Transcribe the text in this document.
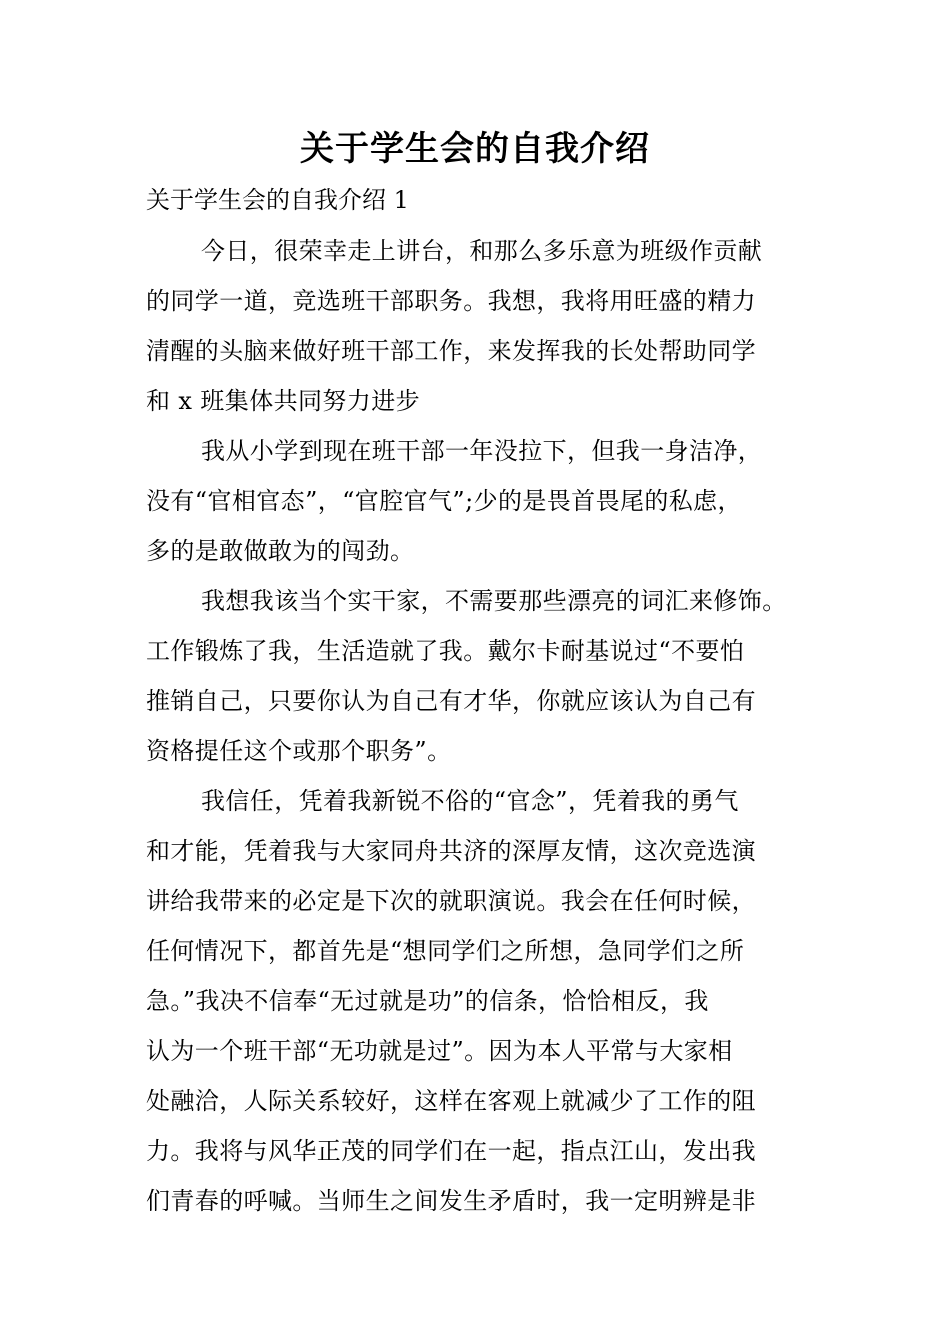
关于学生会的自我介绍
关于学生会的自我介绍 1
今日，很荣幸走上讲台，和那么多乐意为班级作贡献
的同学一道，竞选班干部职务。我想，我将用旺盛的精力
清醒的头脑来做好班干部工作，来发挥我的长处帮助同学
和 x 班集体共同努力进步
我从小学到现在班干部一年没拉下，但我一身洁净，
没有“官相官态”，“官腔官气”;少的是畏首畏尾的私虑，
多的是敢做敢为的闯劲。
我想我该当个实干家，不需要那些漂亮的词汇来修饰。
工作锻炼了我，生活造就了我。戴尔卡耐基说过“不要怕
推销自己，只要你认为自己有才华，你就应该认为自己有
资格提任这个或那个职务”。
我信任，凭着我新锐不俗的“官念”，凭着我的勇气
和才能，凭着我与大家同舟共济的深厚友情，这次竞选演
讲给我带来的必定是下次的就职演说。我会在任何时候，
任何情况下，都首先是“想同学们之所想，急同学们之所
急。”我决不信奉“无过就是功”的信条，恰恰相反，我
认为一个班干部“无功就是过”。因为本人平常与大家相
处融洽，人际关系较好，这样在客观上就减少了工作的阻
力。我将与风华正茂的同学们在一起，指点江山，发出我
们青春的呼喊。当师生之间发生矛盾时，我一定明辨是非
